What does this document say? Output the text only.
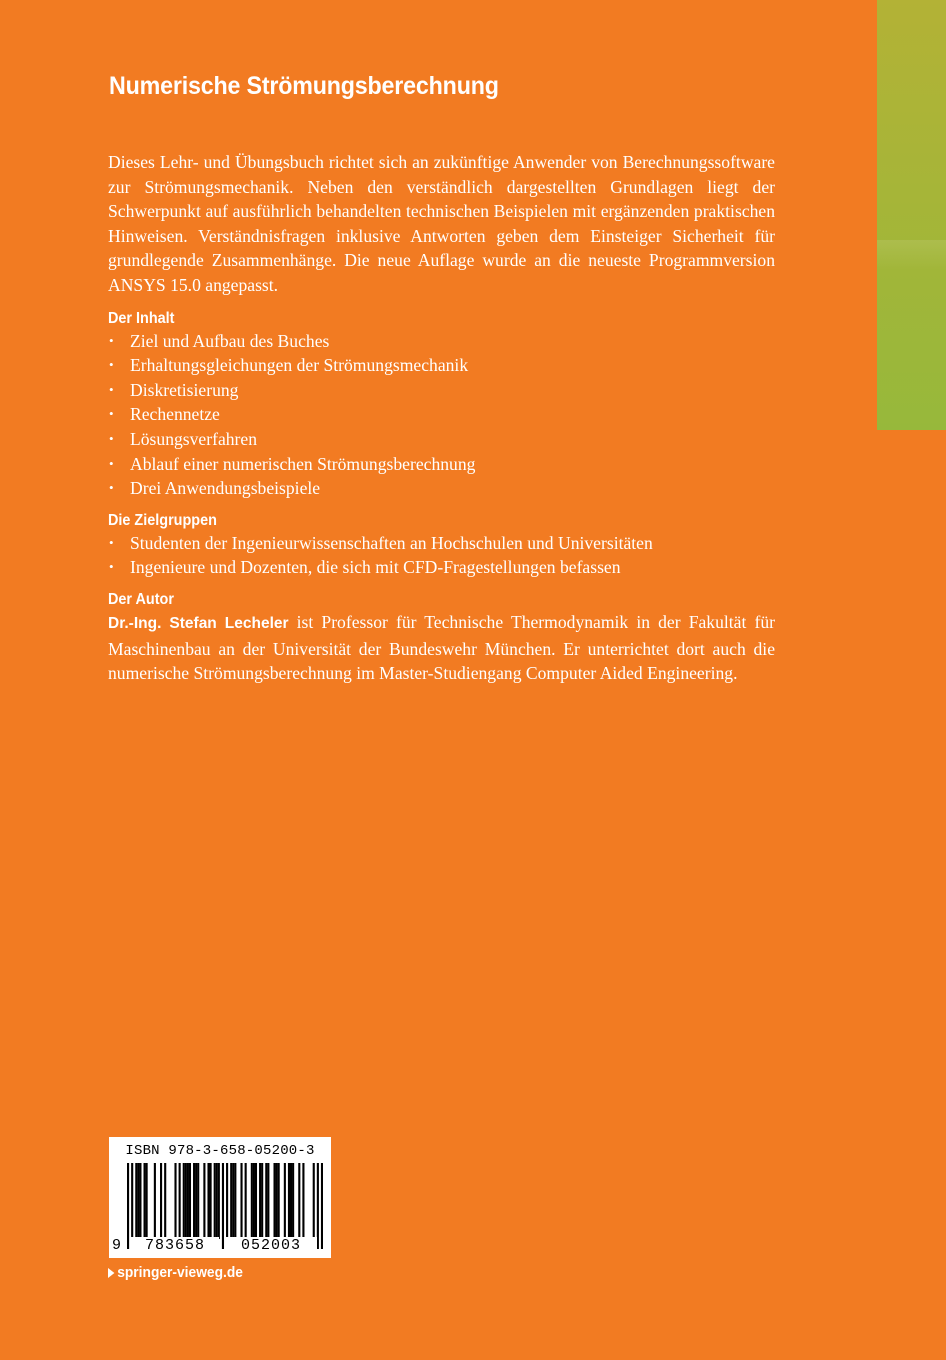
Numerische Strömungsberechnung

Dieses Lehr- und Übungsbuch richtet sich an zukünftige Anwender von Berechnungssoftware zur Strömungsmechanik. Neben den verständlich dargestellten Grundlagen liegt der Schwerpunkt auf ausführlich behandelten technischen Beispielen mit ergänzenden praktischen Hinweisen. Verständnisfragen inklusive Antworten geben dem Einsteiger Sicherheit für grundlegende Zusammenhänge. Die neue Auflage wurde an die neueste Programmversion ANSYS 15.0 angepasst.

Der Inhalt
• Ziel und Aufbau des Buches
• Erhaltungsgleichungen der Strömungsmechanik
• Diskretisierung
• Rechennetze
• Lösungsverfahren
• Ablauf einer numerischen Strömungsberechnung
• Drei Anwendungsbeispiele
Die Zielgruppen
• Studenten der Ingenieurwissenschaften an Hochschulen und Universitäten
• Ingenieure und Dozenten, die sich mit CFD-Fragestellungen befassen
Der Autor

Dr.-Ing. Stefan Lecheler ist Professor für Technische Thermodynamik in der Fakultät für Maschinenbau an der Universität der Bundeswehr München. Er unterrichtet dort auch die numerische Strömungsberechnung im Master-Studiengang Computer Aided Engineering.

ISBN 978-3-658-05200-3
9	783658	052003
springer-vieweg.de
